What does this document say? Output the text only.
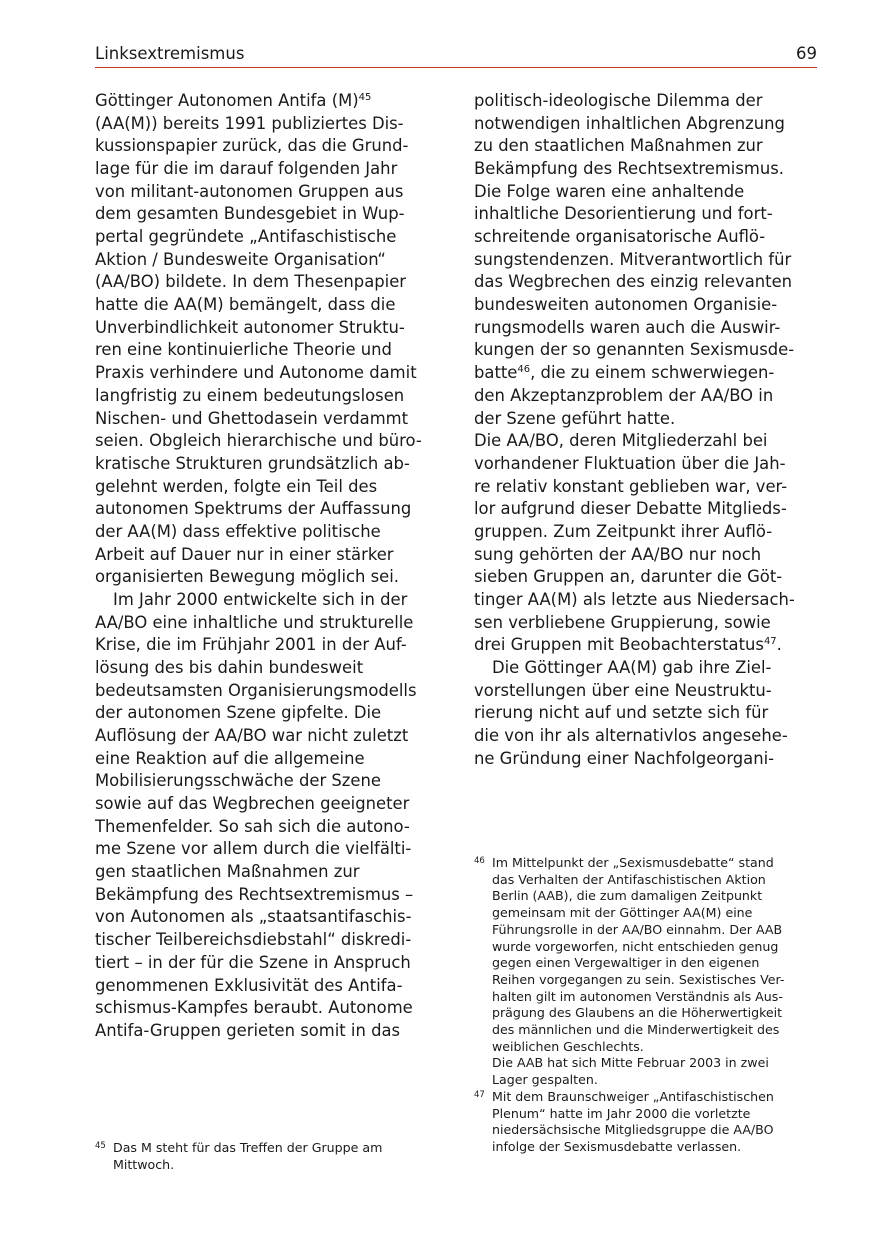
Linksextremismus	69
Göttinger Autonomen Antifa (M)$^{45}$
(AA(M)) bereits 1991 publiziertes Dis-
kussionspapier zurück, das die Grund-
lage für die im darauf folgenden Jahr
von militant-autonomen Gruppen aus
dem gesamten Bundesgebiet in Wup-
pertal gegründete „Antifaschistische
Aktion / Bundesweite Organisation“
(AA/BO) bildete. In dem Thesenpapier
hatte die AA(M) bemängelt, dass die
Unverbindlichkeit autonomer Struktu-
ren eine kontinuierliche Theorie und
Praxis verhindere und Autonome damit
langfristig zu einem bedeutungslosen
Nischen- und Ghettodasein verdammt
seien. Obgleich hierarchische und büro-
kratische Strukturen grundsätzlich ab-
gelehnt werden, folgte ein Teil des
autonomen Spektrums der Auffassung
der AA(M) dass effektive politische
Arbeit auf Dauer nur in einer stärker
organisierten Bewegung möglich sei.
Im Jahr 2000 entwickelte sich in der
AA/BO eine inhaltliche und strukturelle
Krise, die im Frühjahr 2001 in der Auf-
lösung des bis dahin bundesweit
bedeutsamsten Organisierungsmodells
der autonomen Szene gipfelte. Die
Auflösung der AA/BO war nicht zuletzt
eine Reaktion auf die allgemeine
Mobilisierungsschwäche der Szene
sowie auf das Wegbrechen geeigneter
Themenfelder. So sah sich die autono-
me Szene vor allem durch die vielfälti-
gen staatlichen Maßnahmen zur
Bekämpfung des Rechtsextremismus –
von Autonomen als „staatsantifaschis-
tischer Teilbereichsdiebstahl“ diskredi-
tiert – in der für die Szene in Anspruch
genommenen Exklusivität des Antifa-
schismus-Kampfes beraubt. Autonome
Antifa-Gruppen gerieten somit in das
politisch-ideologische Dilemma der
notwendigen inhaltlichen Abgrenzung
zu den staatlichen Maßnahmen zur
Bekämpfung des Rechtsextremismus.
Die Folge waren eine anhaltende
inhaltliche Desorientierung und fort-
schreitende organisatorische Auflö-
sungstendenzen. Mitverantwortlich für
das Wegbrechen des einzig relevanten
bundesweiten autonomen Organisie-
rungsmodells waren auch die Auswir-
kungen der so genannten Sexismusde-
batte$^{46}$, die zu einem schwerwiegen-
den Akzeptanzproblem der AA/BO in
der Szene geführt hatte.
Die AA/BO, deren Mitgliederzahl bei
vorhandener Fluktuation über die Jah-
re relativ konstant geblieben war, ver-
lor aufgrund dieser Debatte Mitglieds-
gruppen. Zum Zeitpunkt ihrer Auflö-
sung gehörten der AA/BO nur noch
sieben Gruppen an, darunter die Göt-
tinger AA(M) als letzte aus Niedersach-
sen verbliebene Gruppierung, sowie
drei Gruppen mit Beobachterstatus$^{47}$.
Die Göttinger AA(M) gab ihre Ziel-
vorstellungen über eine Neustruktu-
rierung nicht auf und setzte sich für
die von ihr als alternativlos angesehe-
ne Gründung einer Nachfolgeorgani-
46 Im Mittelpunkt der „Sexismusdebatte“ stand
das Verhalten der Antifaschistischen Aktion
Berlin (AAB), die zum damaligen Zeitpunkt
gemeinsam mit der Göttinger AA(M) eine
Führungsrolle in der AA/BO einnahm. Der AAB
wurde vorgeworfen, nicht entschieden genug
gegen einen Vergewaltiger in den eigenen
Reihen vorgegangen zu sein. Sexistisches Ver-
halten gilt im autonomen Verständnis als Aus-
prägung des Glaubens an die Höherwertigkeit
des männlichen und die Minderwertigkeit des
weiblichen Geschlechts.
Die AAB hat sich Mitte Februar 2003 in zwei
Lager gespalten.
47 Mit dem Braunschweiger „Antifaschistischen
Plenum“ hatte im Jahr 2000 die vorletzte
niedersächsische Mitgliedsgruppe die AA/BO
infolge der Sexismusdebatte verlassen.
45 Das M steht für das Treffen der Gruppe am
Mittwoch.
